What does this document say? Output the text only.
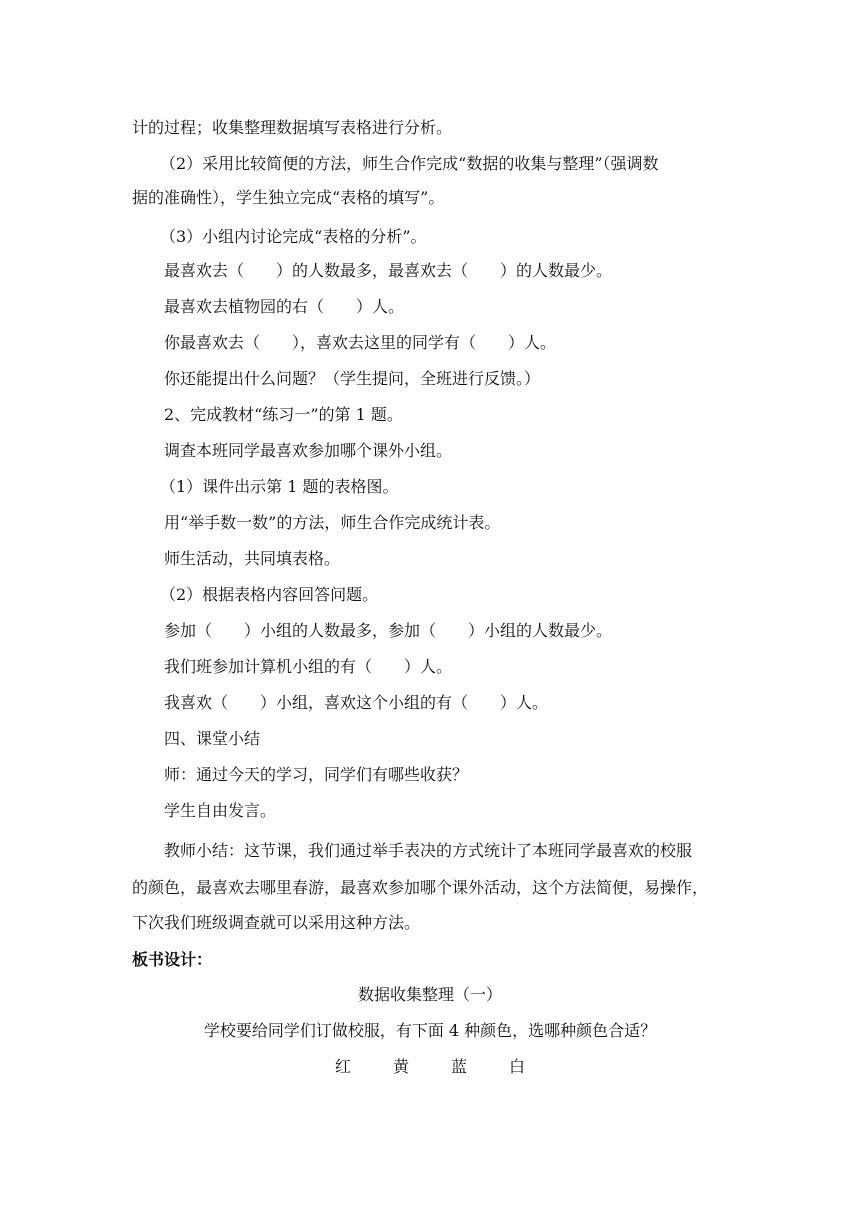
计的过程；收集整理数据填写表格进行分析。
（2）采用比较简便的方法，师生合作完成“数据的收集与整理”（强调数
据的准确性），学生独立完成“表格的填写”。
（3）小组内讨论完成“表格的分析”。
最喜欢去（　　）的人数最多，最喜欢去（　　）的人数最少。
最喜欢去植物园的右（　　）人。
你最喜欢去（　　），喜欢去这里的同学有（　　）人。
你还能提出什么问题？（学生提问，全班进行反馈。）
2、完成教材“练习一”的第 1 题。
调查本班同学最喜欢参加哪个课外小组。
（1）课件出示第 1 题的表格图。
用“举手数一数”的方法，师生合作完成统计表。
师生活动，共同填表格。
（2）根据表格内容回答问题。
参加（　　）小组的人数最多，参加（　　）小组的人数最少。
我们班参加计算机小组的有（　　）人。
我喜欢（　　）小组，喜欢这个小组的有（　　）人。
四、课堂小结
师：通过今天的学习，同学们有哪些收获？
学生自由发言。
教师小结：这节课，我们通过举手表决的方式统计了本班同学最喜欢的校服
的颜色，最喜欢去哪里春游，最喜欢参加哪个课外活动，这个方法简便，易操作，
下次我们班级调查就可以采用这种方法。
板书设计：
数据收集整理（一）
学校要给同学们订做校服，有下面 4 种颜色，选哪种颜色合适？
红	黄	蓝	白
